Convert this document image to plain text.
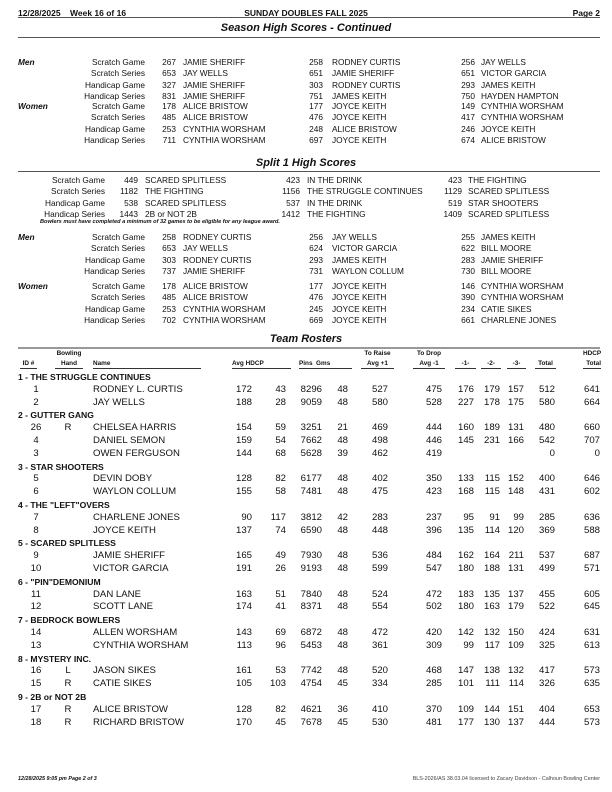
12/28/2025 Week 16 of 16	SUNDAY DOUBLES FALL 2025	Page 2
Season High Scores - Continued
Split 1 High Scores
Bowlers must have completed a minimum of 32 games to be eligible for any league award.
Team Rosters
Men	Scratch Game	267 JAMIE SHERIFF	258 RODNEY CURTIS	256 JAY WELLS
Scratch Series	653 JAY WELLS	651 JAMIE SHERIFF	651 VICTOR GARCIA
Handicap Game	327 JAMIE SHERIFF	303 RODNEY CURTIS	293 JAMES KEITH
Handicap Series	831 JAMIE SHERIFF	751 JAMES KEITH	750 HAYDEN HAMPTON
Women	Scratch Game	178 ALICE BRISTOW	177 JOYCE KEITH	149 CYNTHIA WORSHAM
Scratch Series	485 ALICE BRISTOW	476 JOYCE KEITH	417 CYNTHIA WORSHAM
Handicap Game	253 CYNTHIA WORSHAM	248 ALICE BRISTOW	246 JOYCE KEITH
Handicap Series	711 CYNTHIA WORSHAM	697 JOYCE KEITH	674 ALICE BRISTOW
Scratch Game	449 SCARED SPLITLESS	423 IN THE DRINK	423 THE FIGHTING
Scratch Series	1182 THE FIGHTING	1156 THE STRUGGLE CONTINUES	1129 SCARED SPLITLESS
Handicap Game	538 SCARED SPLITLESS	537 IN THE DRINK	519 STAR SHOOTERS
Handicap Series	1443 2B or NOT 2B	1412 THE FIGHTING	1409 SCARED SPLITLESS
Men	Scratch Game	258 RODNEY CURTIS	256 JAY WELLS	255 JAMES KEITH
Scratch Series	653 JAY WELLS	624 VICTOR GARCIA	622 BILL MOORE
Handicap Game	303 RODNEY CURTIS	293 JAMES KEITH	283 JAMIE SHERIFF
Handicap Series	737 JAMIE SHERIFF	731 WAYLON COLLUM	730 BILL MOORE
Women	Scratch Game	178 ALICE BRISTOW	177 JOYCE KEITH	146 CYNTHIA WORSHAM
Scratch Series	485 ALICE BRISTOW	476 JOYCE KEITH	390 CYNTHIA WORSHAM
Handicap Game	253 CYNTHIA WORSHAM	245 JOYCE KEITH	234 CATIE SIKES
Handicap Series	702 CYNTHIA WORSHAM	669 JOYCE KEITH	661 CHARLENE JONES
ID #
Bowling
Hand	Name	Avg HDCP	Pins  Gms
To Raise
Avg +1
To Drop
Avg -1	-1-	-2-	-3-	Total
HDCP
Total
1 - THE STRUGGLE CONTINUES
1	RODNEY L. CURTIS	172	43	8296	48	527	475	176	179 157	512	641
2	JAY WELLS	188	28	9059	48	580	528	227	178 175	580	664
2 - GUTTER GANG
26	R	CHELSEA HARRIS	154	59	3251	21	469	444	160	189 131	480	660
4	DANIEL SEMON	159	54	7662	48	498	446	145	231 166	542	707
3	OWEN FERGUSON	144	68	5628	39	462	419	0	0
3 - STAR SHOOTERS
5	DEVIN DOBY	128	82	6177	48	402	350	133	115 152	400	646
6	WAYLON COLLUM	155	58	7481	48	475	423	168	115 148	431	602
4 - THE "LEFT"OVERS
7	CHARLENE JONES	90	117	3812	42	283	237	95	91	99	285	636
8	JOYCE KEITH	137	74	6590	48	448	396	135	114 120	369	588
5 - SCARED SPLITLESS
9	JAMIE SHERIFF	165	49	7930	48	536	484	162	164 211	537	687
10	VICTOR GARCIA	191	26	9193	48	599	547	180	188 131	499	571
6 - "PIN"DEMONIUM
11	DAN LANE	163	51	7840	48	524	472	183	135 137	455	605
12	SCOTT LANE	174	41	8371	48	554	502	180	163 179	522	645
7 - BEDROCK BOWLERS
14	ALLEN WORSHAM	143	69	6872	48	472	420	142	132 150	424	631
13	CYNTHIA WORSHAM	113	96	5453	48	361	309	99	117 109	325	613
8 - MYSTERY INC.
16	L	JASON SIKES	161	53	7742	48	520	468	147	138 132	417	573
15	R	CATIE SIKES	105	103	4754	45	334	285	101	111 114	326	635
9 - 2B or NOT 2B
17	R	ALICE BRISTOW	128	82	4621	36	410	370	109	144 151	404	653
18	R	RICHARD BRISTOW	170	45	7678	45	530	481	177	130 137	444	573
12/28/2025 9:05 pm Page 2 of 3	BLS-2026/AS 38.03.04 licensed to Zacary Davidson - Calhoun Bowling Center
